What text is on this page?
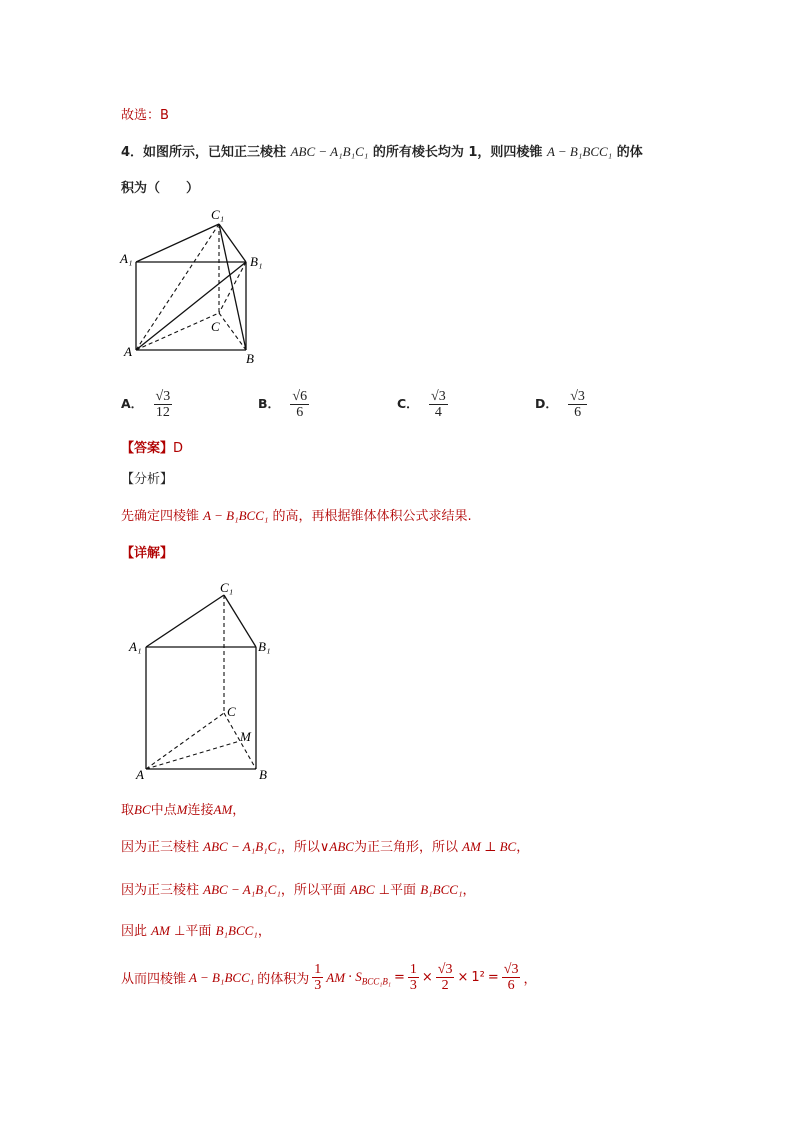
故选：B
4．如图所示，已知正三棱柱 ABC − A₁B₁C₁ 的所有棱长均为 1，则四棱锥 A − B₁BCC₁ 的体
积为（　　）
C₁
A₁	B₁
C
A	B
A． $\frac{√3}{12}$	B． $\frac{√6}{6}$	C． $\frac{√3}{4}$	D． $\frac{√3}{6}$
【答案】D
【分析】
先确定四棱锥 A − B₁BCC₁ 的高，再根据锥体体积公式求结果.
【详解】
C₁
A₁	B₁
C
M
A	B
取BC中点M连接AM，
因为正三棱柱 ABC − A₁B₁C₁，所以∨ABC为正三角形，所以 AM ⊥ BC，
因为正三棱柱 ABC − A₁B₁C₁，所以平面 ABC ⊥平面 B₁BCC₁，
因此 AM ⊥平面 B₁BCC₁，
从而四棱锥 A − B₁BCC₁ 的体积为 $\frac{1}{3}$ AM · $S_{BCC_1B_1} = \frac{1}{3} \times \frac{√3}{2} \times 1^2 = \frac{√3}{6}$ ，
